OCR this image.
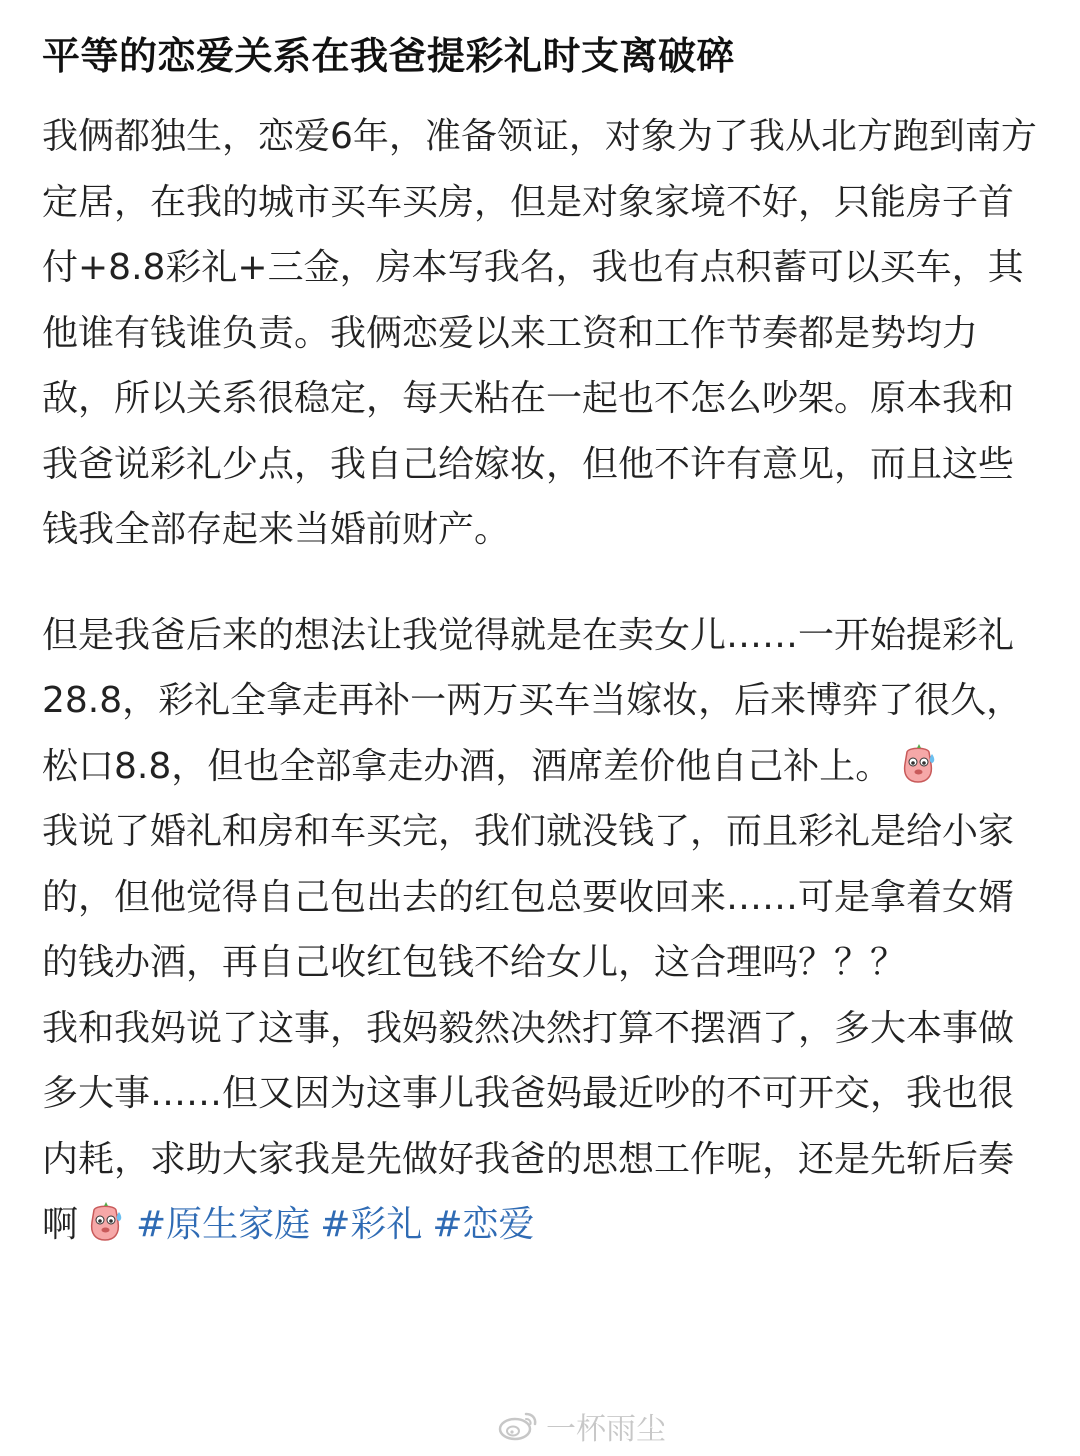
平等的恋爱关系在我爸提彩礼时支离破碎

我俩都独生，恋爱6年，准备领证，对象为了我从北方跑到南方定居，在我的城市买车买房，但是对象家境不好，只能房子首付+8.8彩礼+三金，房本写我名，我也有点积蓄可以买车，其他谁有钱谁负责。我俩恋爱以来工资和工作节奏都是势均力敌，所以关系很稳定，每天粘在一起也不怎么吵架。原本我和我爸说彩礼少点，我自己给嫁妆，但他不许有意见，而且这些钱我全部存起来当婚前财产。

但是我爸后来的想法让我觉得就是在卖女儿……一开始提彩礼28.8，彩礼全拿走再补一两万买车当嫁妆，后来博弈了很久，松口8.8，但也全部拿走办酒，酒席差价他自己补上。

我说了婚礼和房和车买完，我们就没钱了，而且彩礼是给小家的，但他觉得自己包出去的红包总要收回来……可是拿着女婿的钱办酒，再自己收红包钱不给女儿，这合理吗？？？

我和我妈说了这事，我妈毅然决然打算不摆酒了，多大本事做多大事……但又因为这事儿我爸妈最近吵的不可开交，我也很内耗，求助大家我是先做好我爸的思想工作呢，还是先斩后奏啊 #原生家庭 #彩礼 #恋爱

一杯雨尘
